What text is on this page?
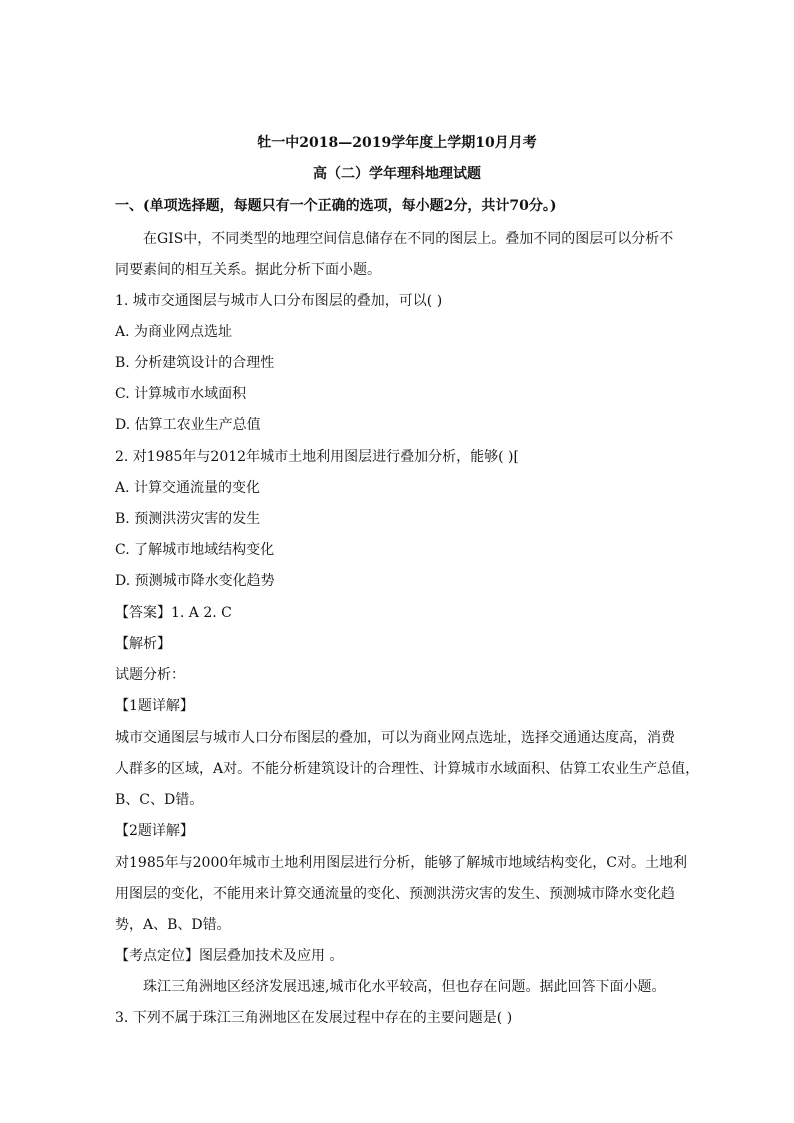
牡一中2018—2019学年度上学期10月月考
高（二）学年理科地理试题
一、(单项选择题，每题只有一个正确的选项，每小题2分，共计70分。)
在GIS中，不同类型的地理空间信息储存在不同的图层上。叠加不同的图层可以分析不
同要素间的相互关系。据此分析下面小题。
1. 城市交通图层与城市人口分布图层的叠加，可以( )
A. 为商业网点选址
B. 分析建筑设计的合理性
C. 计算城市水域面积
D. 估算工农业生产总值
2. 对1985年与2012年城市土地利用图层进行叠加分析，能够( )[
A. 计算交通流量的变化
B. 预测洪涝灾害的发生
C. 了解城市地域结构变化
D. 预测城市降水变化趋势
【答案】1. A 2. C
【解析】
试题分析：
【1题详解】
城市交通图层与城市人口分布图层的叠加，可以为商业网点选址，选择交通通达度高，消费
人群多的区域，A对。不能分析建筑设计的合理性、计算城市水域面积、估算工农业生产总值，
B、C、D错。
【2题详解】
对1985年与2000年城市土地利用图层进行分析，能够了解城市地域结构变化，C对。土地利
用图层的变化，不能用来计算交通流量的变化、预测洪涝灾害的发生、预测城市降水变化趋
势，A、B、D错。
【考点定位】图层叠加技术及应用 。
珠江三角洲地区经济发展迅速,城市化水平较高，但也存在问题。据此回答下面小题。
3. 下列不属于珠江三角洲地区在发展过程中存在的主要问题是( )
